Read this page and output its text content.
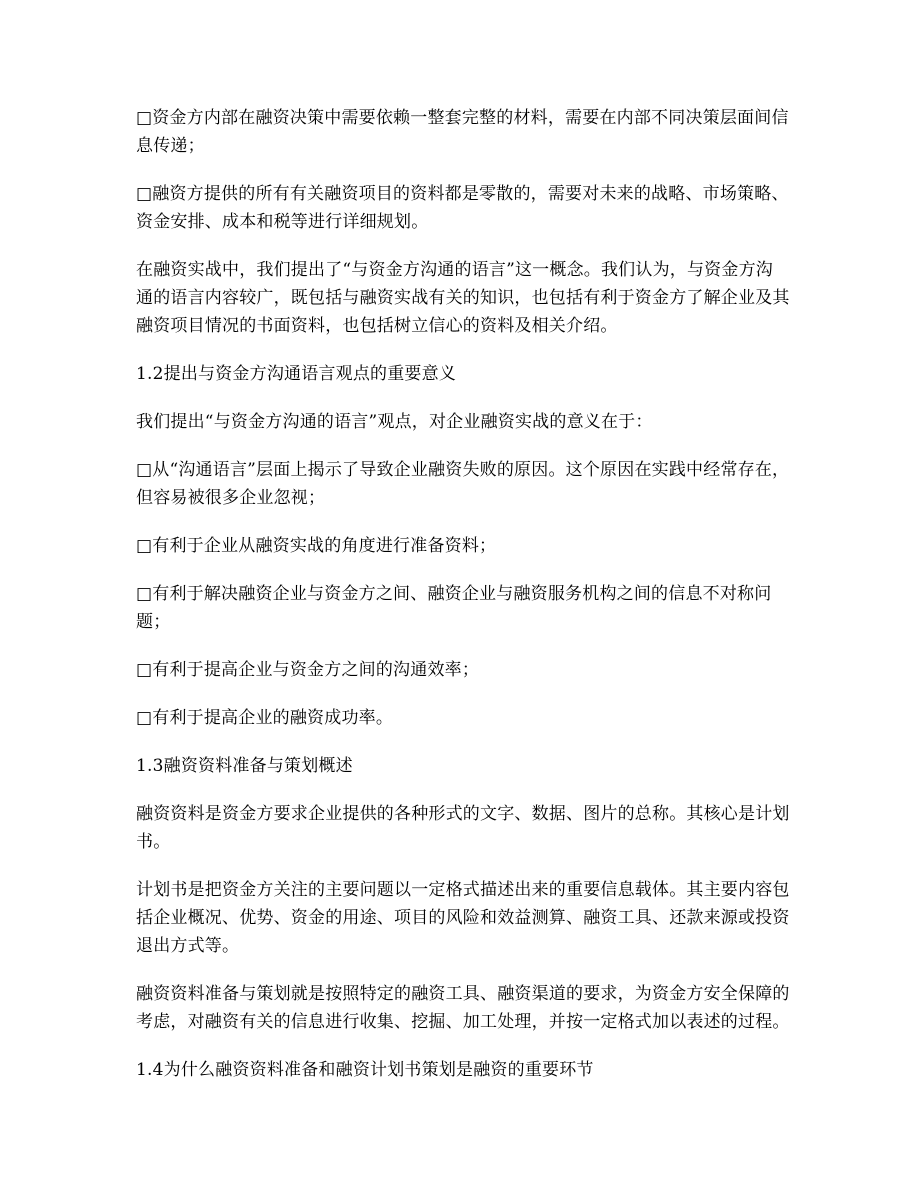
□资金方内部在融资决策中需要依赖一整套完整的材料，需要在内部不同决策层面间信息传递；

□融资方提供的所有有关融资项目的资料都是零散的，需要对未来的战略、市场策略、资金安排、成本和税等进行详细规划。

在融资实战中，我们提出了“与资金方沟通的语言”这一概念。我们认为，与资金方沟通的语言内容较广，既包括与融资实战有关的知识，也包括有利于资金方了解企业及其融资项目情况的书面资料，也包括树立信心的资料及相关介绍。

1.2提出与资金方沟通语言观点的重要意义

我们提出“与资金方沟通的语言”观点，对企业融资实战的意义在于：

□从“沟通语言”层面上揭示了导致企业融资失败的原因。这个原因在实践中经常存在，但容易被很多企业忽视；

□有利于企业从融资实战的角度进行准备资料；

□有利于解决融资企业与资金方之间、融资企业与融资服务机构之间的信息不对称问题；

□有利于提高企业与资金方之间的沟通效率；

□有利于提高企业的融资成功率。

1.3融资资料准备与策划概述

融资资料是资金方要求企业提供的各种形式的文字、数据、图片的总称。其核心是计划书。

计划书是把资金方关注的主要问题以一定格式描述出来的重要信息载体。其主要内容包括企业概况、优势、资金的用途、项目的风险和效益测算、融资工具、还款来源或投资退出方式等。

融资资料准备与策划就是按照特定的融资工具、融资渠道的要求，为资金方安全保障的考虑，对融资有关的信息进行收集、挖掘、加工处理，并按一定格式加以表述的过程。

1.4为什么融资资料准备和融资计划书策划是融资的重要环节
